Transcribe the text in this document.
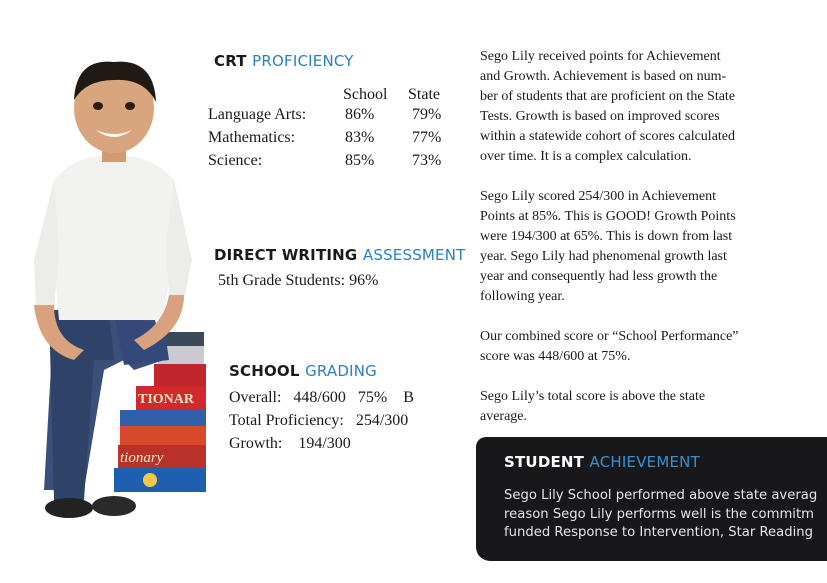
TIONAR
tionary
CRT PROFICIENCY
School State
Language Arts: 86% 79%
Mathematics:	83% 77%
Science:	85% 73%
DIRECT WRITING ASSESSMENT
5th Grade Students: 96%
SCHOOL GRADING
Overall:   448/600   75%    B
Total Proficiency:   254/300
Growth:    194/300
Sego Lily received points for Achievement
and Growth. Achievement is based on num-
ber of students that are proficient on the State
Tests. Growth is based on improved scores
within a statewide cohort of scores calculated
over time. It is a complex calculation.
Sego Lily scored 254/300 in Achievement
Points at 85%. This is GOOD! Growth Points
were 194/300 at 65%. This is down from last
year. Sego Lily had phenomenal growth last
year and consequently had less growth the
following year.
Our combined score or “School Performance”
score was 448/600 at 75%.
Sego Lily’s total score is above the state
average.
STUDENT ACHIEVEMENT
Sego Lily School performed above state averag
reason Sego Lily performs well is the commitm
funded Response to Intervention, Star Reading
